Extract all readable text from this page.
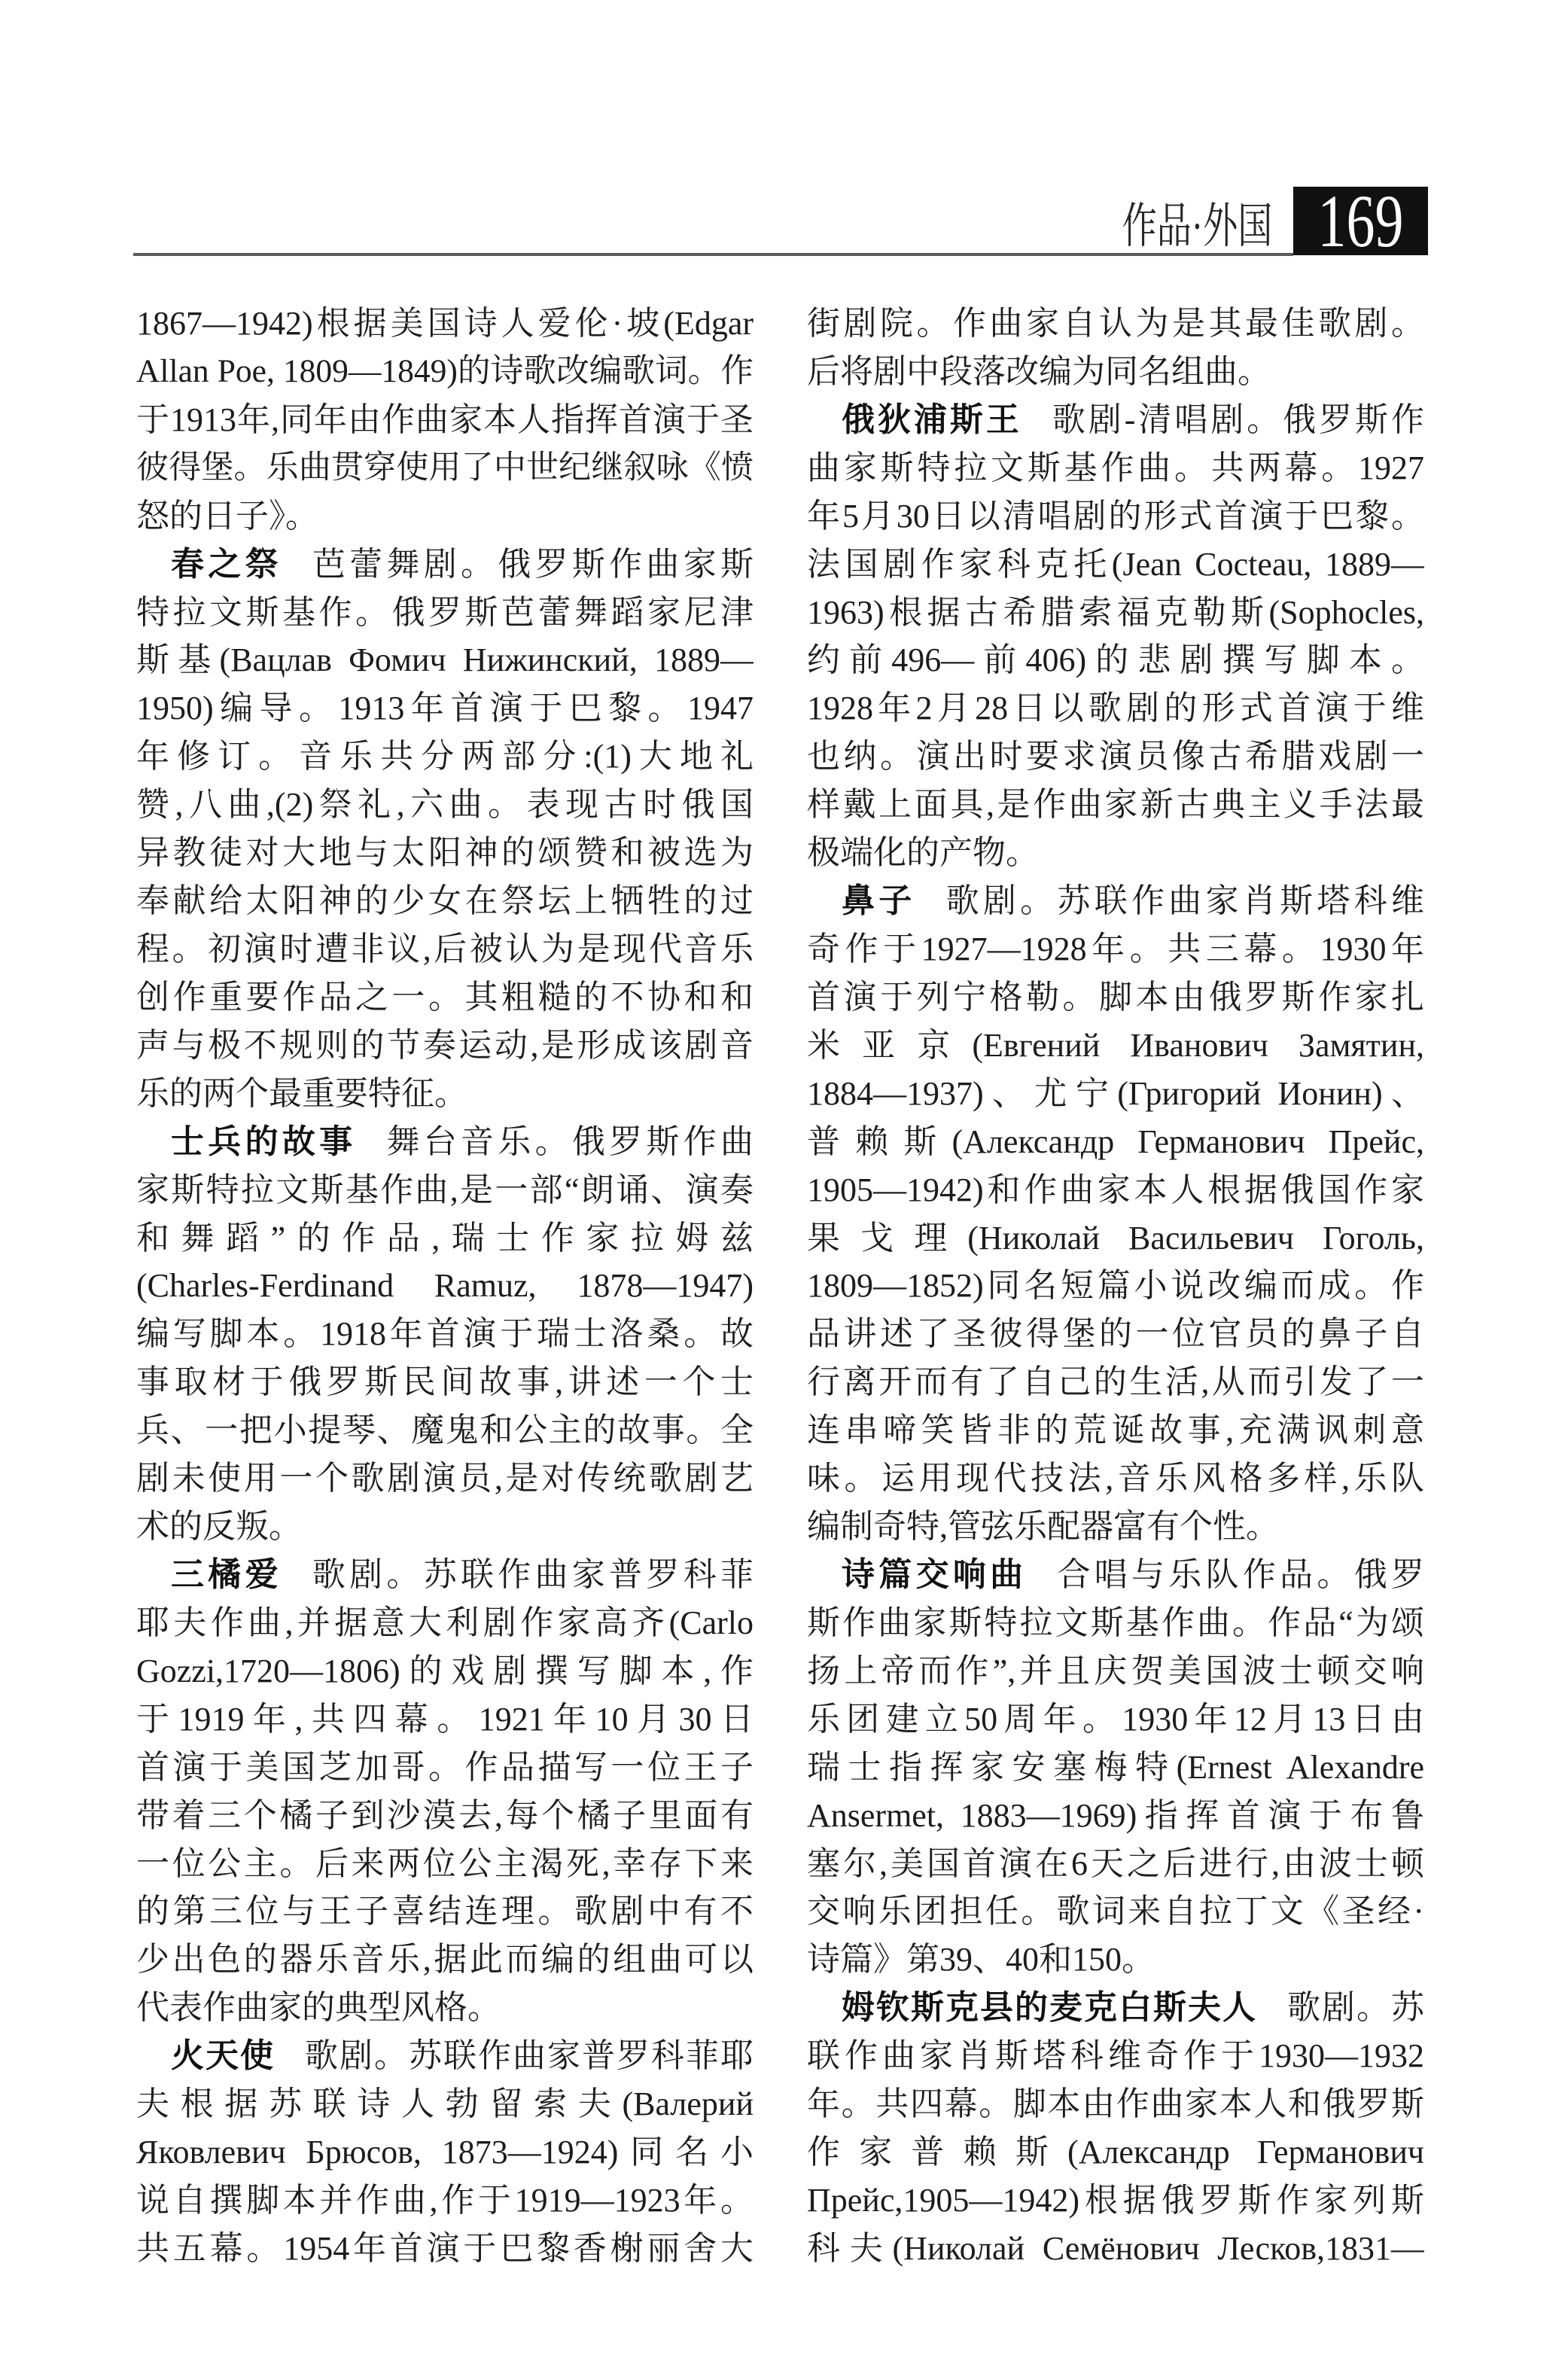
作品·外国 169
1867—1942)根据美国诗人爱伦·坡(Edgar
Allan Poe, 1809—1849)的诗歌改编歌词。作
于1913年,同年由作曲家本人指挥首演于圣
彼得堡。乐曲贯穿使用了中世纪继叙咏《愤
怒的日子》。
春之祭 芭蕾舞剧。俄罗斯作曲家斯
特拉文斯基作。俄罗斯芭蕾舞蹈家尼津
斯基(Вацлав Фомич Нижинский, 1889—
1950)编导。1913年首演于巴黎。1947
年修订。音乐共分两部分:(1)大地礼
赞,八曲,(2)祭礼,六曲。表现古时俄国
异教徒对大地与太阳神的颂赞和被选为
奉献给太阳神的少女在祭坛上牺牲的过
程。初演时遭非议,后被认为是现代音乐
创作重要作品之一。其粗糙的不协和和
声与极不规则的节奏运动,是形成该剧音
乐的两个最重要特征。
士兵的故事 舞台音乐。俄罗斯作曲
家斯特拉文斯基作曲,是一部“朗诵、演奏
和舞蹈”的作品,瑞士作家拉姆兹
(Charles-Ferdinand Ramuz, 1878—1947)
编写脚本。1918年首演于瑞士洛桑。故
事取材于俄罗斯民间故事,讲述一个士
兵、一把小提琴、魔鬼和公主的故事。全
剧未使用一个歌剧演员,是对传统歌剧艺
术的反叛。
三橘爱 歌剧。苏联作曲家普罗科菲
耶夫作曲,并据意大利剧作家高齐(Carlo
Gozzi,1720—1806)的戏剧撰写脚本,作
于1919年,共四幕。1921年10月30日
首演于美国芝加哥。作品描写一位王子
带着三个橘子到沙漠去,每个橘子里面有
一位公主。后来两位公主渴死,幸存下来
的第三位与王子喜结连理。歌剧中有不
少出色的器乐音乐,据此而编的组曲可以
代表作曲家的典型风格。
火天使 歌剧。苏联作曲家普罗科菲耶
夫根据苏联诗人勃留索夫(Валерий
Яковлевич Брюсов, 1873—1924)同名小
说自撰脚本并作曲,作于1919—1923年。
共五幕。1954年首演于巴黎香榭丽舍大
街剧院。作曲家自认为是其最佳歌剧。
后将剧中段落改编为同名组曲。
俄狄浦斯王 歌剧-清唱剧。俄罗斯作
曲家斯特拉文斯基作曲。共两幕。1927
年5月30日以清唱剧的形式首演于巴黎。
法国剧作家科克托(Jean Cocteau, 1889—
1963)根据古希腊索福克勒斯(Sophocles,
约前496—前406)的悲剧撰写脚本。
1928年2月28日以歌剧的形式首演于维
也纳。演出时要求演员像古希腊戏剧一
样戴上面具,是作曲家新古典主义手法最
极端化的产物。
鼻子 歌剧。苏联作曲家肖斯塔科维
奇作于1927—1928年。共三幕。1930年
首演于列宁格勒。脚本由俄罗斯作家扎
米亚京(Евгений Иванович Замятин,
1884—1937)、尤宁(Григорий Ионин)、
普赖斯(Александр Германович Прейс,
1905—1942)和作曲家本人根据俄国作家
果戈理(Николай Васильевич Гоголь,
1809—1852)同名短篇小说改编而成。作
品讲述了圣彼得堡的一位官员的鼻子自
行离开而有了自己的生活,从而引发了一
连串啼笑皆非的荒诞故事,充满讽刺意
味。运用现代技法,音乐风格多样,乐队
编制奇特,管弦乐配器富有个性。
诗篇交响曲 合唱与乐队作品。俄罗
斯作曲家斯特拉文斯基作曲。作品“为颂
扬上帝而作”,并且庆贺美国波士顿交响
乐团建立50周年。1930年12月13日由
瑞士指挥家安塞梅特(Ernest Alexandre
Ansermet, 1883—1969)指挥首演于布鲁
塞尔,美国首演在6天之后进行,由波士顿
交响乐团担任。歌词来自拉丁文《圣经·
诗篇》第39、40和150。
姆钦斯克县的麦克白斯夫人 歌剧。苏
联作曲家肖斯塔科维奇作于1930—1932
年。共四幕。脚本由作曲家本人和俄罗斯
作家普赖斯(Александр Германович
Прейс,1905—1942)根据俄罗斯作家列斯
科夫(Николай Семёнович Лесков,1831—
